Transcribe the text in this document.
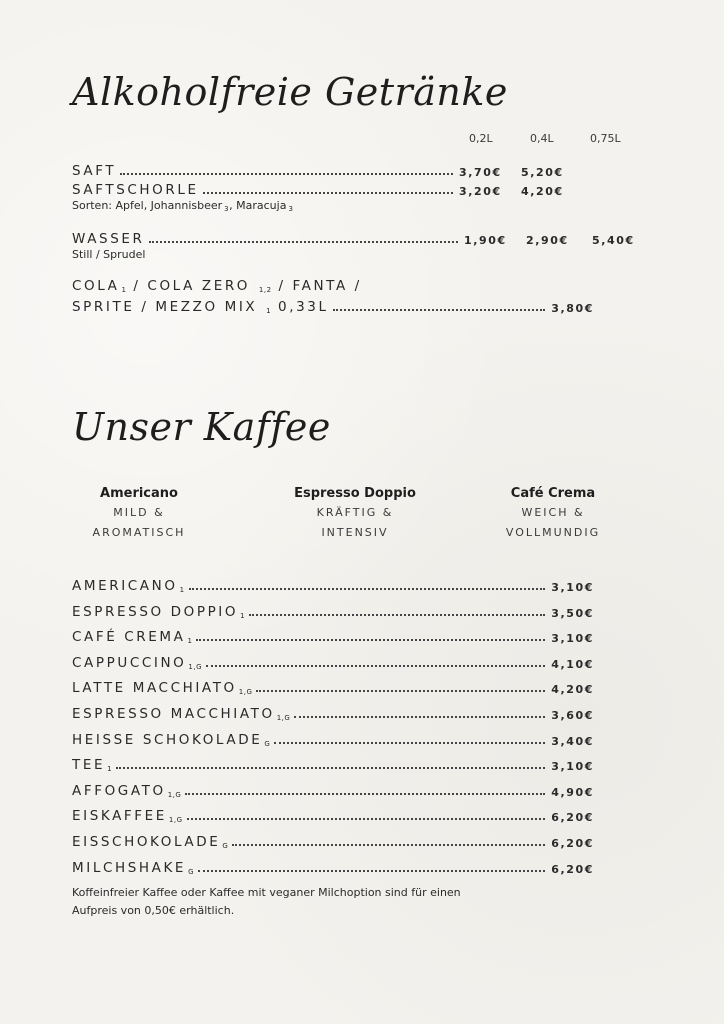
Alkoholfreie Getränke
0,2L	0,4L	0,75L
SAFT	3,70€	5,20€
SAFTSCHORLE	3,20€	4,20€
Sorten: Apfel, Johannisbeer $_3$, Maracuja $_3$
WASSER	1,90€	2,90€	5,40€
Still / Sprudel
COLA $_1$ / COLA ZERO $_{1,2}$ / FANTA /
SPRITE / MEZZO MIX $_1$ 0,33L	3,80€
Unser Kaffee
Americano
MILD &
AROMATISCH
Espresso Doppio
KRÄFTIG &
INTENSIV
Café Crema
WEICH &
VOLLMUNDIG
AMERICANO $_1$	3,10€
ESPRESSO DOPPIO $_1$	3,50€
CAFÉ CREMA $_1$	3,10€
CAPPUCCINO $_{1,G}$	4,10€
LATTE MACCHIATO $_{1,G}$	4,20€
ESPRESSO MACCHIATO $_{1,G}$	3,60€
HEISSE SCHOKOLADE $_G$	3,40€
TEE $_1$	3,10€
AFFOGATO $_{1,G}$	4,90€
EISKAFFEE $_{1,G}$	6,20€
EISSCHOKOLADE $_G$	6,20€
MILCHSHAKE $_G$	6,20€
Koffeinfreier Kaffee oder Kaffee mit veganer Milchoption sind für einen Aufpreis von 0,50€ erhältlich.
